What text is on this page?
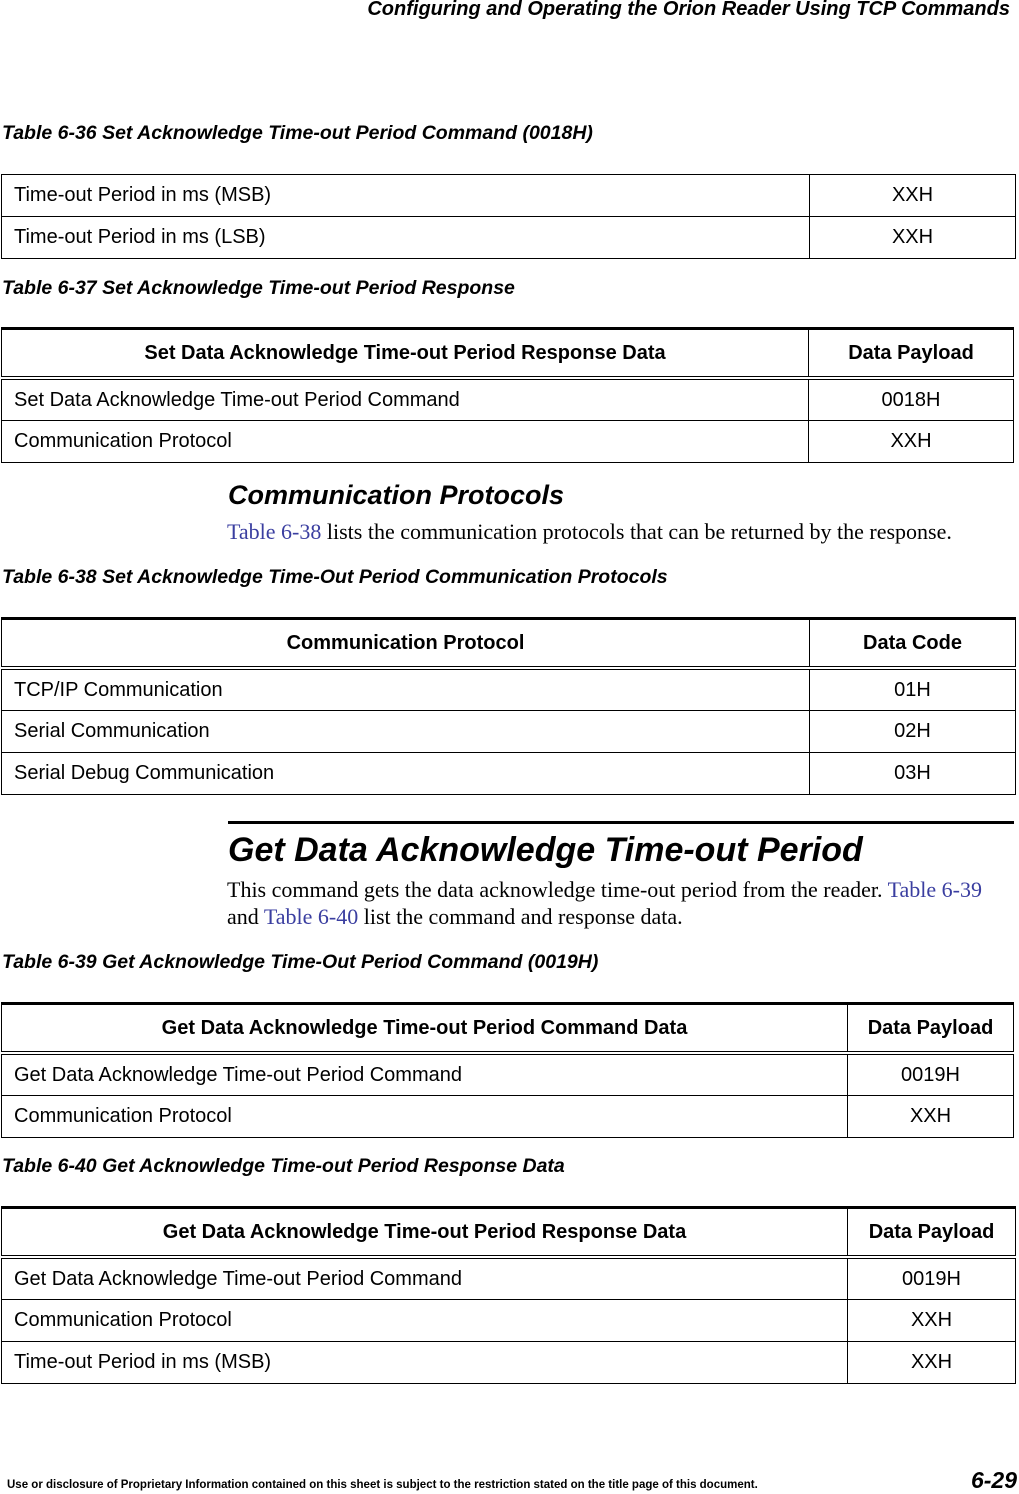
Configuring and Operating the Orion Reader Using TCP Commands
Table 6-36 Set Acknowledge Time-out Period Command (0018H)
Time-out Period in ms (MSB)	XXH
Time-out Period in ms (LSB)	XXH
Table 6-37 Set Acknowledge Time-out Period Response
Set Data Acknowledge Time-out Period Response Data	Data Payload
Set Data Acknowledge Time-out Period Command	0018H
Communication Protocol	XXH
Communication Protocols
Table 6-38 lists the communication protocols that can be returned by the response.
Table 6-38 Set Acknowledge Time-Out Period Communication Protocols
Communication Protocol	Data Code
TCP/IP Communication	01H
Serial Communication	02H
Serial Debug Communication	03H
Get Data Acknowledge Time-out Period
This command gets the data acknowledge time-out period from the reader. Table 6-39
and Table 6-40 list the command and response data.
Table 6-39 Get Acknowledge Time-Out Period Command (0019H)
Get Data Acknowledge Time-out Period Command Data	Data Payload
Get Data Acknowledge Time-out Period Command	0019H
Communication Protocol	XXH
Table 6-40 Get Acknowledge Time-out Period Response Data
Get Data Acknowledge Time-out Period Response Data	Data Payload
Get Data Acknowledge Time-out Period Command	0019H
Communication Protocol	XXH
Time-out Period in ms (MSB)	XXH
Use or disclosure of Proprietary Information contained on this sheet is subject to the restriction stated on the title page of this document.	6-29
